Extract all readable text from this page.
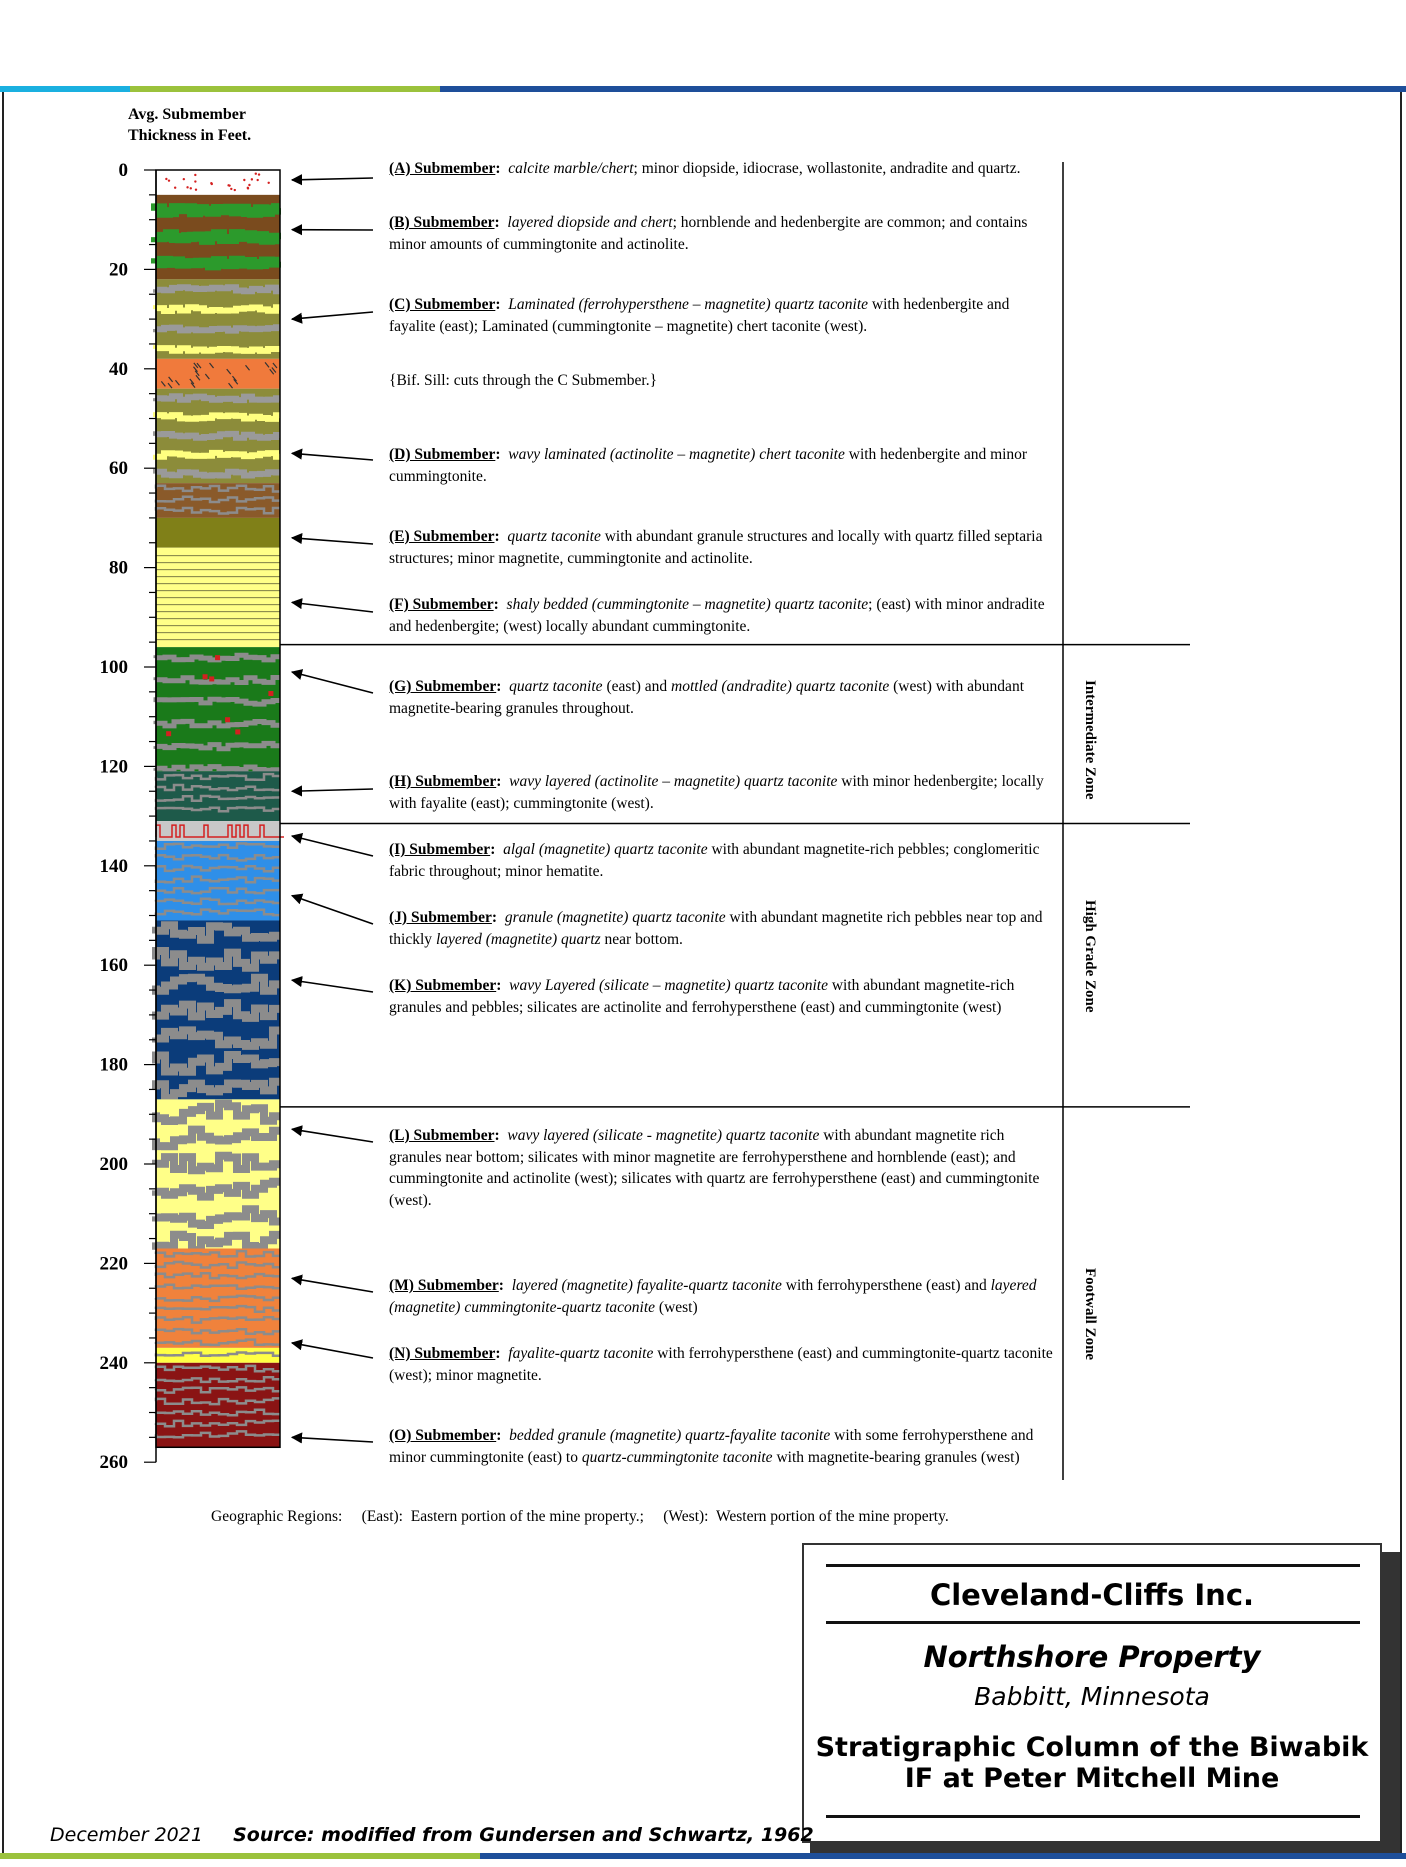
Avg. Submember
Thickness in Feet.
0
20
40
60
80
100
120
140
160
180
200
220
240
260
(A) Submember: calcite marble/chert; minor diopside, idiocrase, wollastonite, andradite and quartz.
(B) Submember: layered diopside and chert; hornblende and hedenbergite are common; and contains minor amounts of cummingtonite and actinolite.
(C) Submember: Laminated (ferrohypersthene – magnetite) quartz taconite with hedenbergite and fayalite (east); Laminated (cummingtonite – magnetite) chert taconite (west).
{Bif. Sill: cuts through the C Submember.}
(D) Submember: wavy laminated (actinolite – magnetite) chert taconite with hedenbergite and minor cummingtonite.
(E) Submember: quartz taconite with abundant granule structures and locally with quartz filled septaria structures; minor magnetite, cummingtonite and actinolite.
(F) Submember: shaly bedded (cummingtonite – magnetite) quartz taconite; (east) with minor andradite and hedenbergite; (west) locally abundant cummingtonite.
(G) Submember: quartz taconite (east) and mottled (andradite) quartz taconite (west) with abundant magnetite-bearing granules throughout.
(H) Submember: wavy layered (actinolite – magnetite) quartz taconite with minor hedenbergite; locally with fayalite (east); cummingtonite (west).
(I) Submember: algal (magnetite) quartz taconite with abundant magnetite-rich pebbles; conglomeritic fabric throughout; minor hematite.
(J) Submember: granule (magnetite) quartz taconite with abundant magnetite rich pebbles near top and thickly layered (magnetite) quartz near bottom.
(K) Submember: wavy Layered (silicate – magnetite) quartz taconite with abundant magnetite-rich granules and pebbles; silicates are actinolite and ferrohypersthene (east) and cummingtonite (west)
(L) Submember: wavy layered (silicate - magnetite) quartz taconite with abundant magnetite rich granules near bottom; silicates with minor magnetite are ferrohypersthene and hornblende (east); and cummingtonite and actinolite (west); silicates with quartz are ferrohypersthene (east) and cummingtonite (west).
(M) Submember: layered (magnetite) fayalite-quartz taconite with ferrohypersthene (east) and layered (magnetite) cummingtonite-quartz taconite (west)
(N) Submember: fayalite-quartz taconite with ferrohypersthene (east) and cummingtonite-quartz taconite (west); minor magnetite.
(O) Submember: bedded granule (magnetite) quartz-fayalite taconite with some ferrohypersthene and minor cummingtonite (east) to quartz-cummingtonite taconite with magnetite-bearing granules (west)
Intermediate Zone
High Grade Zone
Footwall Zone
Geographic Regions:     (East):  Eastern portion of the mine property.;     (West):  Western portion of the mine property.
Cleveland-Cliffs Inc.
Northshore Property
Babbitt, Minnesota
Stratigraphic Column of the Biwabik
IF at Peter Mitchell Mine
December 2021 Source: modified from Gundersen and Schwartz, 1962
